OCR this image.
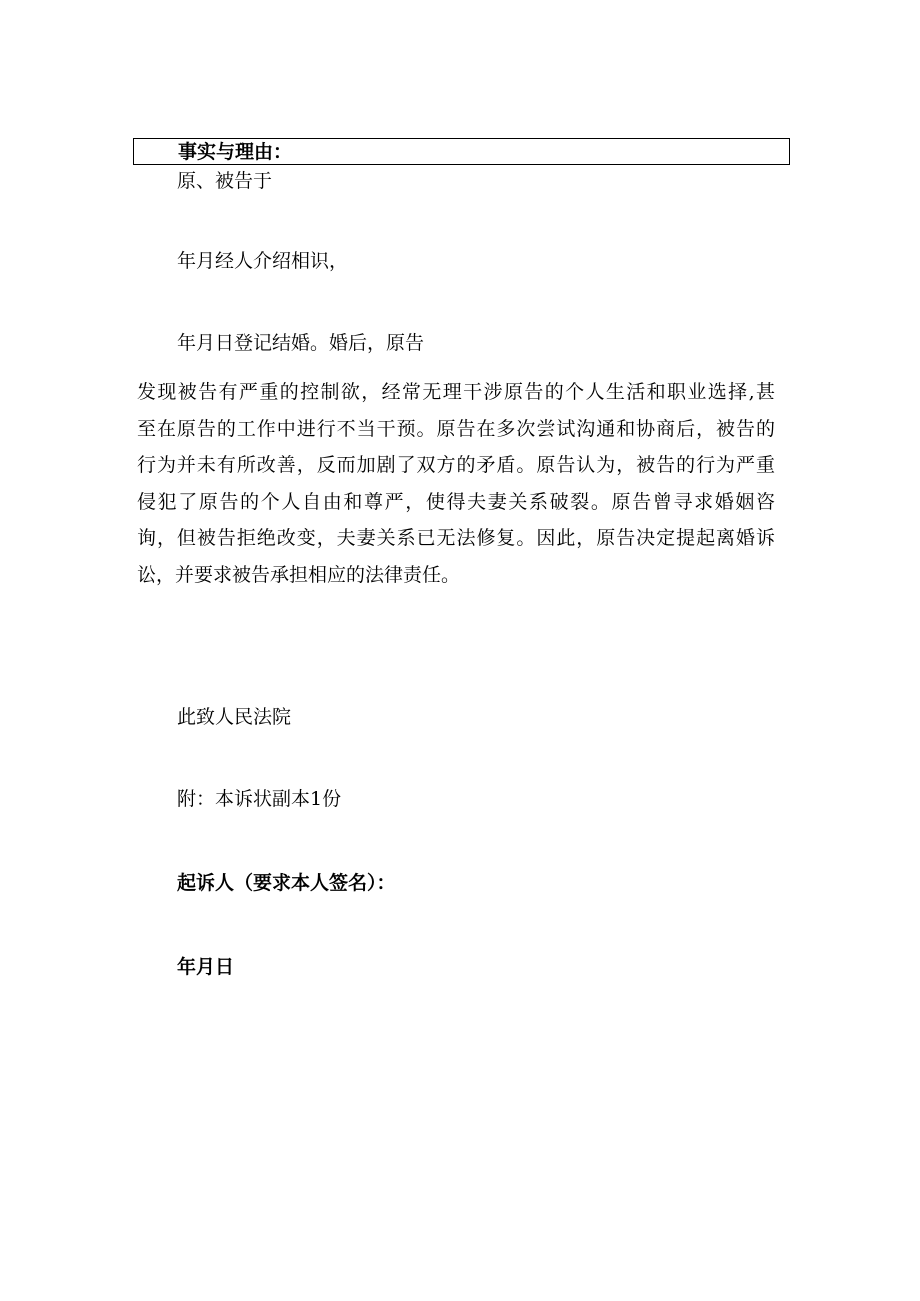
事实与理由：
原、被告于
年月经人介绍相识，
年月日登记结婚。婚后，原告
发现被告有严重的控制欲，经常无理干涉原告的个人生活和职业选择,甚
至在原告的工作中进行不当干预。原告在多次尝试沟通和协商后，被告的
行为并未有所改善，反而加剧了双方的矛盾。原告认为，被告的行为严重
侵犯了原告的个人自由和尊严，使得夫妻关系破裂。原告曾寻求婚姻咨
询，但被告拒绝改变，夫妻关系已无法修复。因此，原告决定提起离婚诉
讼，并要求被告承担相应的法律责任。
此致人民法院
附：本诉状副本1份
起诉人（要求本人签名）：
年月日
